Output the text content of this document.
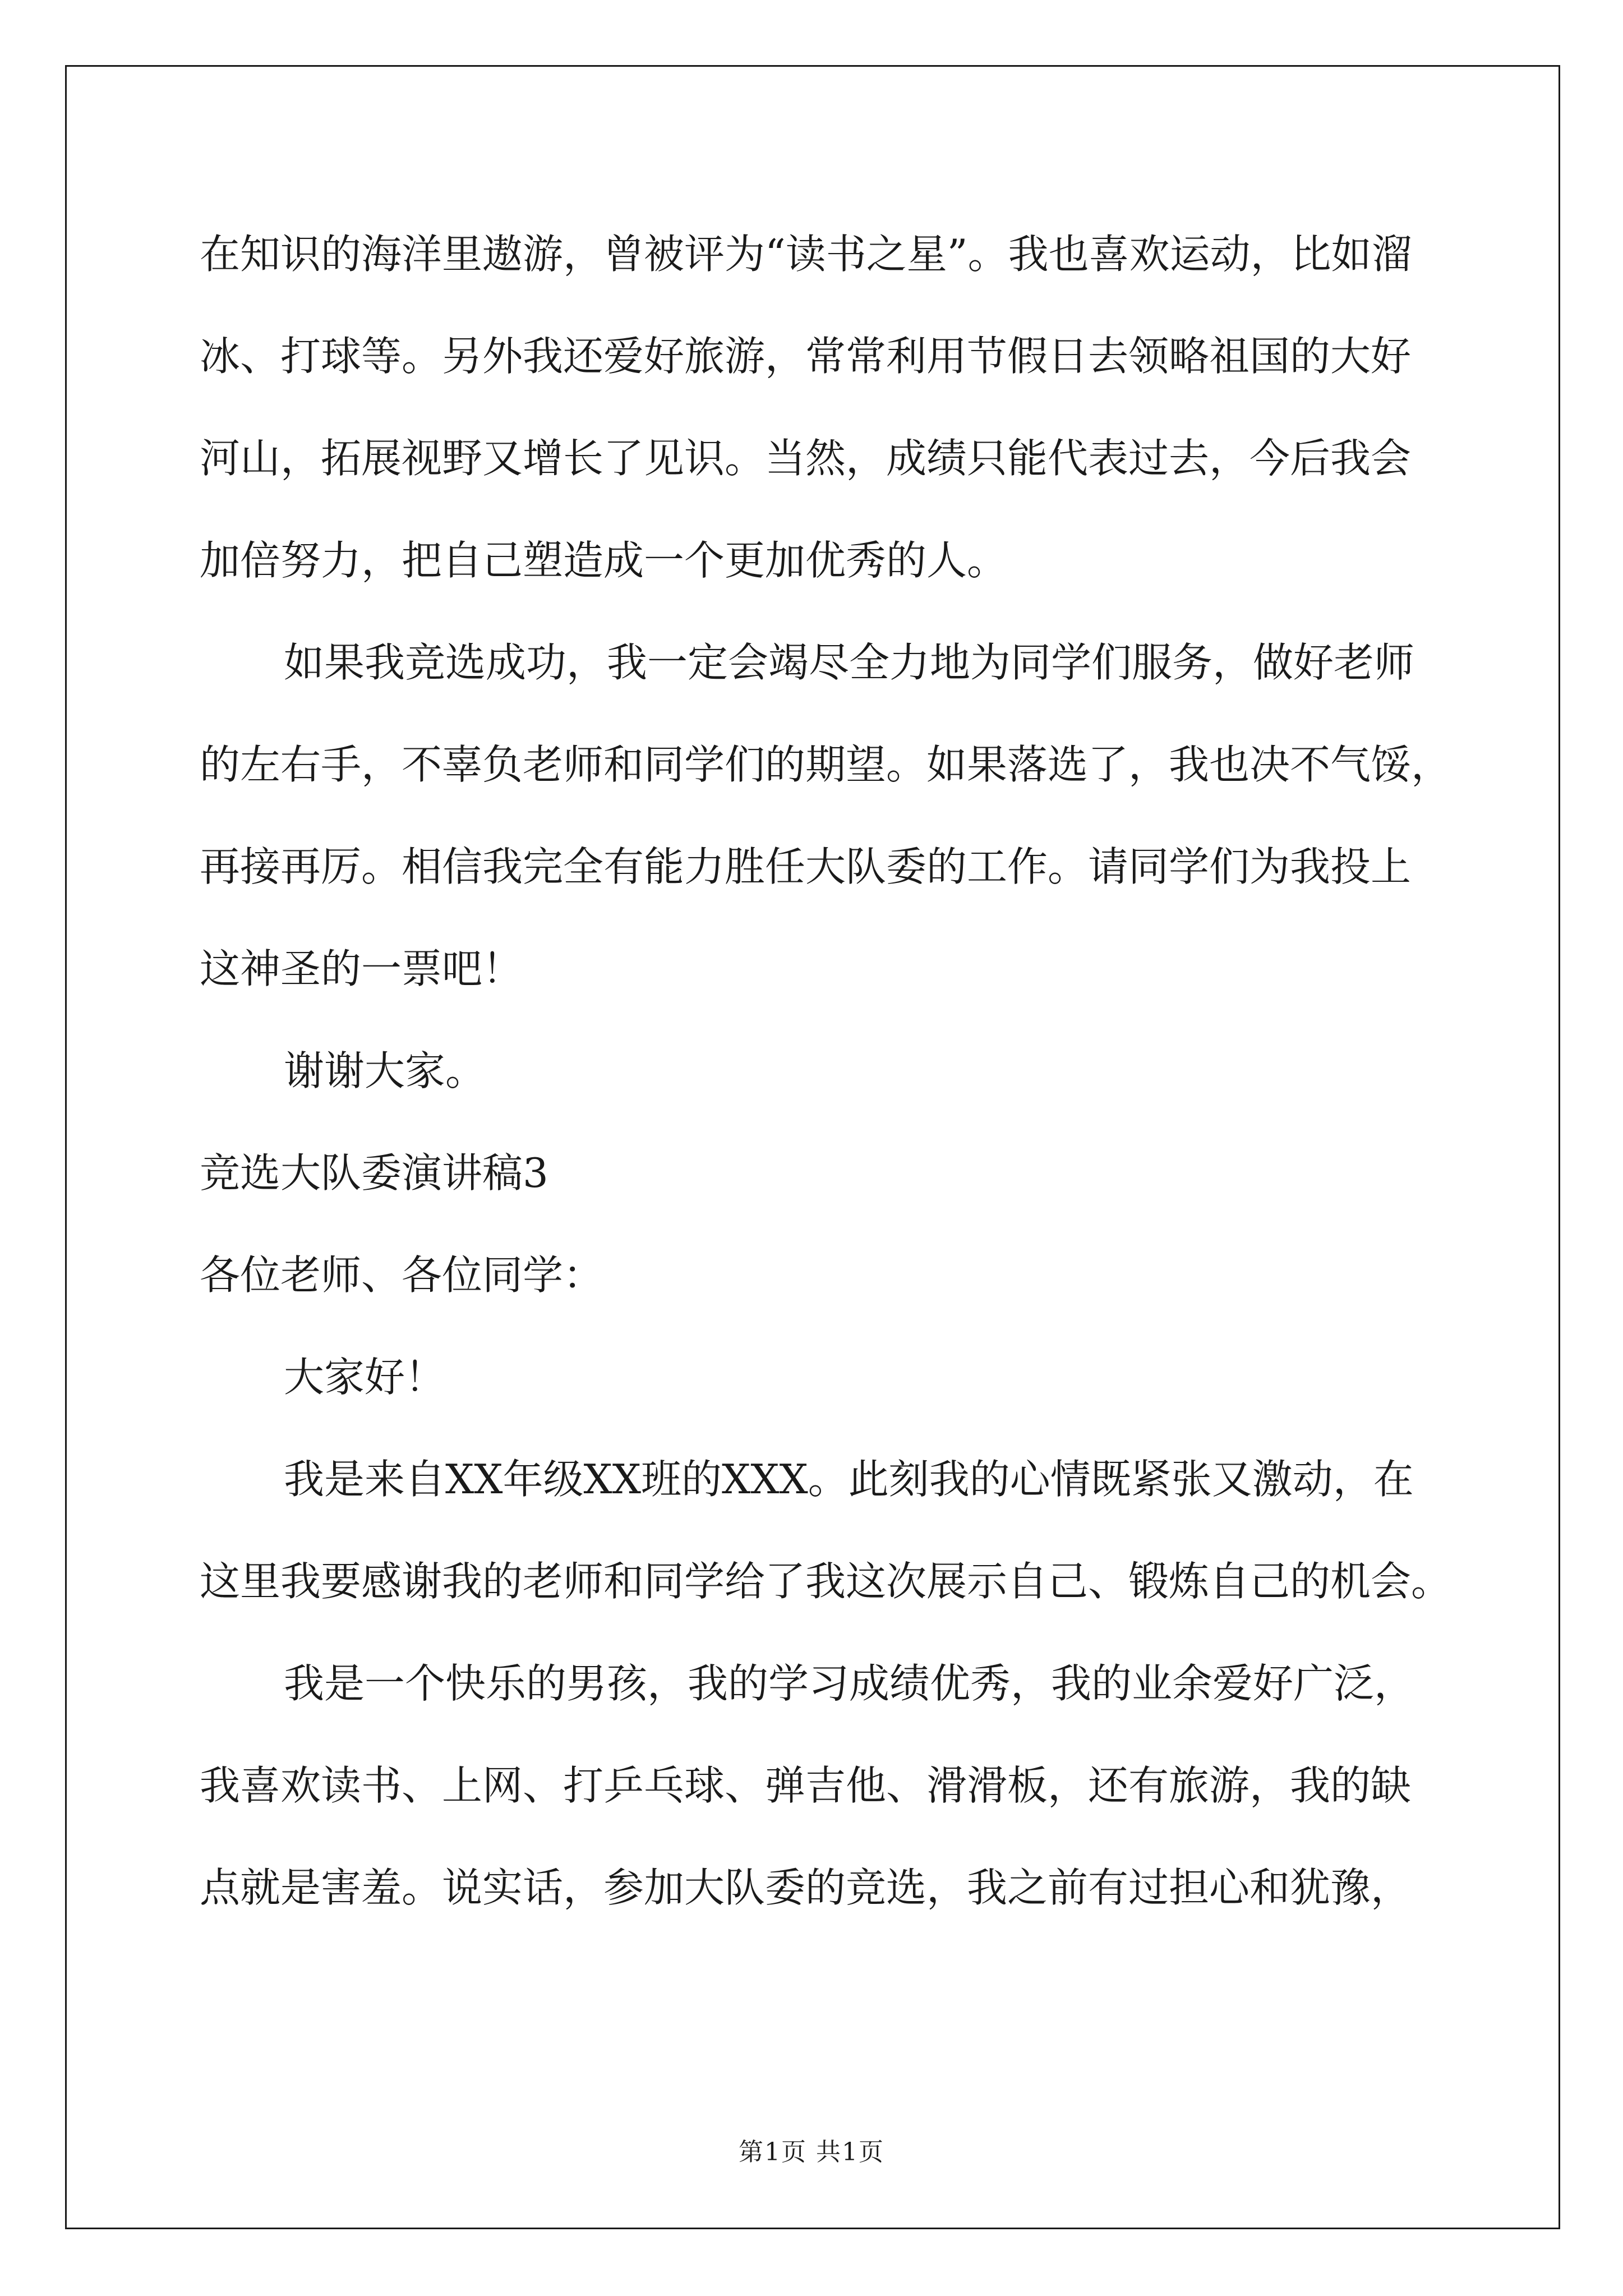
在知识的海洋里遨游，曾被评为“读书之星”。我也喜欢运动，比如溜
冰、打球等。另外我还爱好旅游，常常利用节假日去领略祖国的大好
河山，拓展视野又增长了见识。当然，成绩只能代表过去，今后我会
加倍努力，把自己塑造成一个更加优秀的人。
如果我竞选成功，我一定会竭尽全力地为同学们服务，做好老师
的左右手，不辜负老师和同学们的期望。如果落选了，我也决不气馁，
再接再厉。相信我完全有能力胜任大队委的工作。请同学们为我投上
这神圣的一票吧！
谢谢大家。
竞选大队委演讲稿3
各位老师、各位同学：
大家好！
我是来自XX年级XX班的XXX。此刻我的心情既紧张又激动，在
这里我要感谢我的老师和同学给了我这次展示自己、锻炼自己的机会。
我是一个快乐的男孩，我的学习成绩优秀，我的业余爱好广泛，
我喜欢读书、上网、打乒乓球、弹吉他、滑滑板，还有旅游，我的缺
点就是害羞。说实话，参加大队委的竞选，我之前有过担心和犹豫，
第1页 共1页
